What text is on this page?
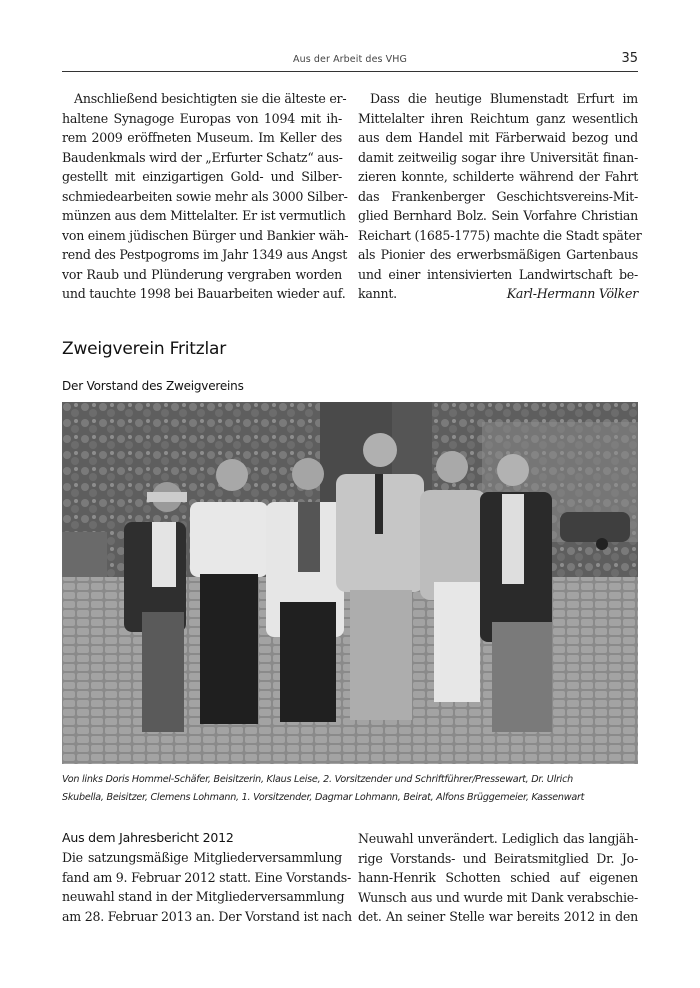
Aus der Arbeit des VHG	35
Anschließend besichtigten sie die älteste er-
haltene Synagoge Europas von 1094 mit ih-
rem 2009 eröffneten Museum. Im Keller des
Baudenkmals wird der „Erfurter Schatz“ aus-
gestellt mit einzigartigen Gold- und Silber-
schmiedearbeiten sowie mehr als 3000 Silber-
münzen aus dem Mittelalter. Er ist vermutlich
von einem jüdischen Bürger und Bankier wäh-
rend des Pestpogroms im Jahr 1349 aus Angst
vor Raub und Plünderung vergraben worden
und tauchte 1998 bei Bauarbeiten wieder auf.
Dass die heutige Blumenstadt Erfurt im
Mittelalter ihren Reichtum ganz wesentlich
aus dem Handel mit Färberwaid bezog und
damit zeitweilig sogar ihre Universität finan-
zieren konnte, schilderte während der Fahrt
das Frankenberger Geschichtsvereins-Mit-
glied Bernhard Bolz. Sein Vorfahre Christian
Reichart (1685-1775) machte die Stadt später
als Pionier des erwerbsmäßigen Gartenbaus
und einer intensivierten Landwirtschaft be-
kannt.	Karl-Hermann Völker
Zweigverein Fritzlar
Der Vorstand des Zweigvereins
Von links Doris Hommel-Schäfer, Beisitzerin, Klaus Leise, 2. Vorsitzender und Schriftführer/Pressewart, Dr. Ulrich
Skubella, Beisitzer, Clemens Lohmann, 1. Vorsitzender, Dagmar Lohmann, Beirat, Alfons Brüggemeier, Kassenwart
Aus dem Jahresbericht 2012
Die satzungsmäßige Mitgliederversammlung
fand am 9. Februar 2012 statt. Eine Vorstands-
neuwahl stand in der Mitgliederversammlung
am 28. Februar 2013 an. Der Vorstand ist nach
Neuwahl unverändert. Lediglich das langjäh-
rige Vorstands- und Beiratsmitglied Dr. Jo-
hann-Henrik Schotten schied auf eigenen
Wunsch aus und wurde mit Dank verabschie-
det. An seiner Stelle war bereits 2012 in den
